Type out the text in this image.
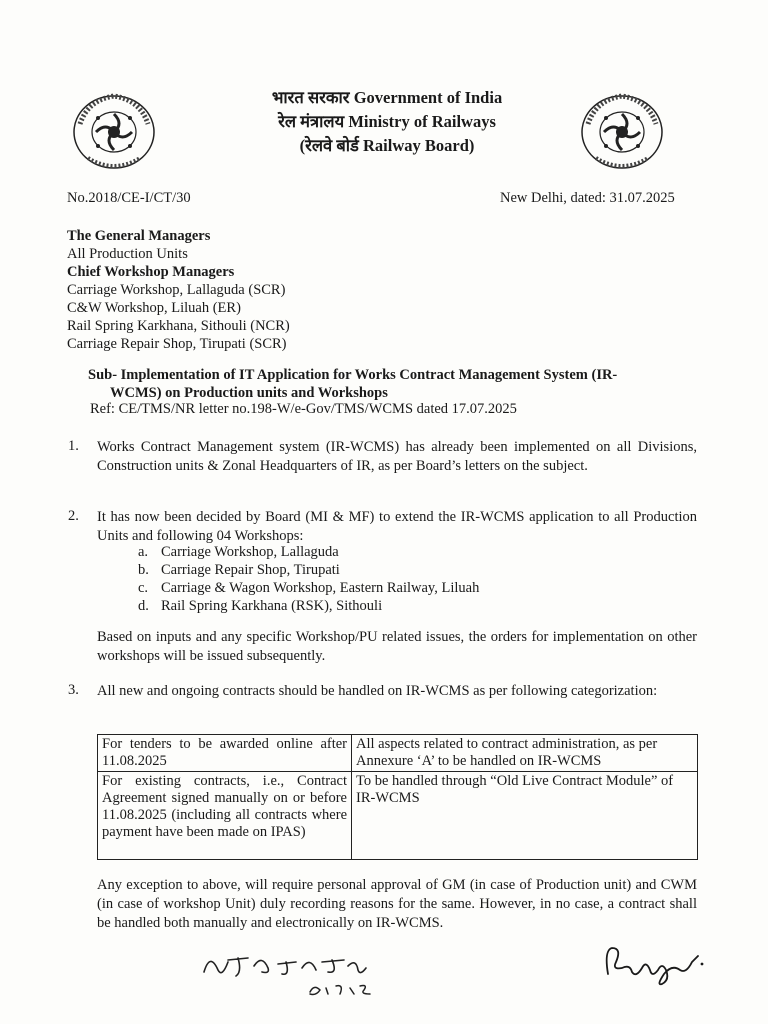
भारत सरकार Government of India
रेल मंत्रालय Ministry of Railways
(रेलवे बोर्ड Railway Board)
No.2018/CE-I/CT/30	New Delhi, dated: 31.07.2025
The General Managers
All Production Units
Chief Workshop Managers
Carriage Workshop, Lallaguda (SCR)
C&W Workshop, Liluah (ER)
Rail Spring Karkhana, Sithouli (NCR)
Carriage Repair Shop, Tirupati (SCR)
Sub- Implementation of IT Application for Works Contract Management System (IR-
WCMS) on Production units and Workshops
Ref: CE/TMS/NR letter no.198-W/e-Gov/TMS/WCMS dated 17.07.2025
1. Works Contract Management system (IR-WCMS) has already been implemented on all Divisions, Construction units & Zonal Headquarters of IR, as per Board’s letters on the subject.
2. It has now been decided by Board (MI & MF) to extend the IR-WCMS application to all Production Units and following 04 Workshops:
a. Carriage Workshop, Lallaguda
b. Carriage Repair Shop, Tirupati
c. Carriage & Wagon Workshop, Eastern Railway, Liluah
d. Rail Spring Karkhana (RSK), Sithouli
Based on inputs and any specific Workshop/PU related issues, the orders for implementation on other workshops will be issued subsequently.
3. All new and ongoing contracts should be handled on IR-WCMS as per following categorization:
For tenders to be awarded online after 11.08.2025	All aspects related to contract administration, as per Annexure ‘A’ to be handled on IR-WCMS
For existing contracts, i.e., Contract Agreement signed manually on or before 11.08.2025 (including all contracts where payment have been made on IPAS)	To be handled through “Old Live Contract Module” of IR-WCMS
Any exception to above, will require personal approval of GM (in case of Production unit) and CWM (in case of workshop Unit) duly recording reasons for the same. However, in no case, a contract shall be handled both manually and electronically on IR-WCMS.
